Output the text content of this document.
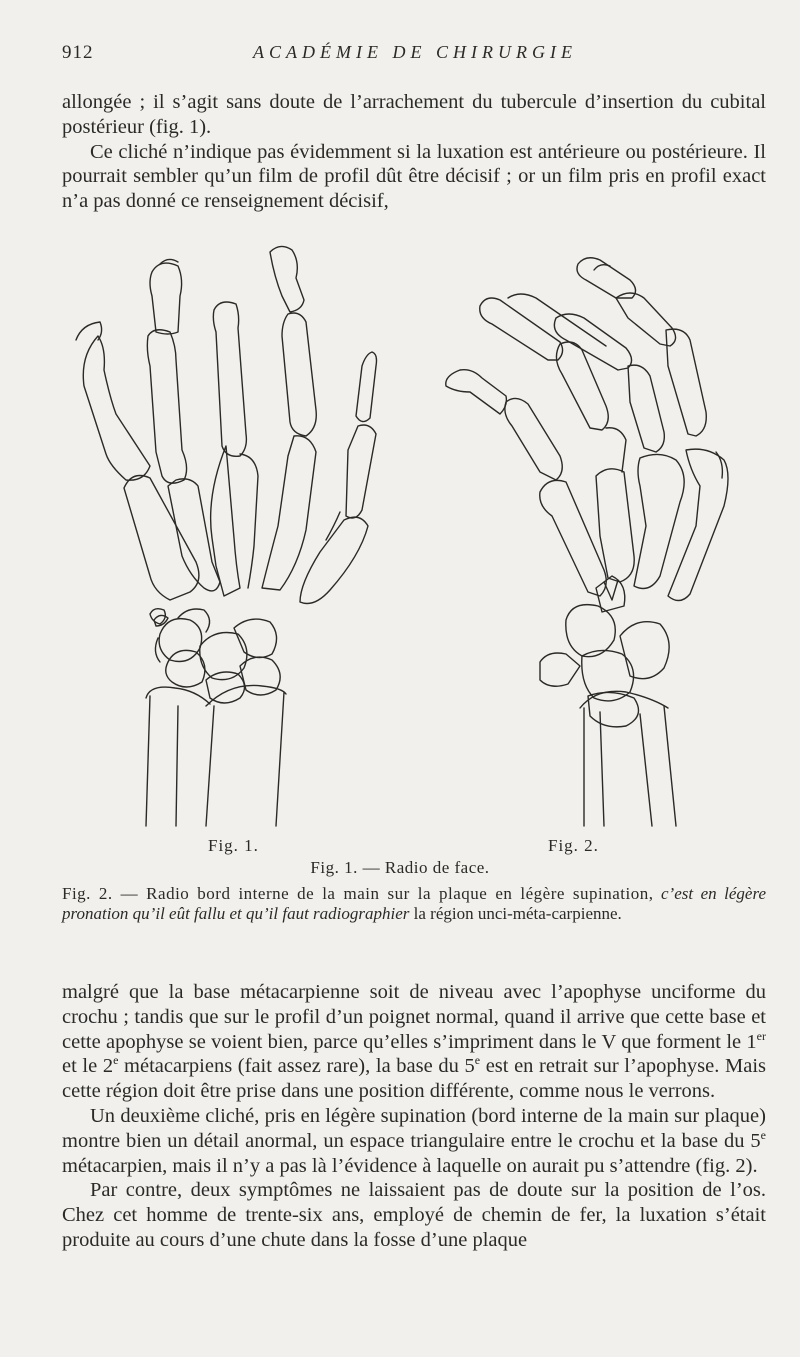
912	ACADÉMIE DE CHIRURGIE

allongée ; il s’agit sans doute de l’arrachement du tubercule d’insertion du cubital postérieur (fig. 1).

Ce cliché n’indique pas évidemment si la luxation est antérieure ou postérieure. Il pourrait sembler qu’un film de profil dût être décisif ; or un film pris en profil exact n’a pas donné ce renseignement décisif,

Fig. 1.	Fig. 2.
Fig. 1. — Radio de face.
Fig. 2. — Radio bord interne de la main sur la plaque en légère supination, c’est en légère pronation qu’il eût fallu et qu’il faut radiographier la région unci-méta-carpienne.

malgré que la base métacarpienne soit de niveau avec l’apophyse unciforme du crochu ; tandis que sur le profil d’un poignet normal, quand il arrive que cette base et cette apophyse se voient bien, parce qu’elles s’impriment dans le V que forment le 1er et le 2e métacarpiens (fait assez rare), la base du 5e est en retrait sur l’apophyse. Mais cette région doit être prise dans une position différente, comme nous le verrons.

Un deuxième cliché, pris en légère supination (bord interne de la main sur plaque) montre bien un détail anormal, un espace triangulaire entre le crochu et la base du 5e métacarpien, mais il n’y a pas là l’évidence à laquelle on aurait pu s’attendre (fig. 2).

Par contre, deux symptômes ne laissaient pas de doute sur la position de l’os. Chez cet homme de trente-six ans, employé de chemin de fer, la luxation s’était produite au cours d’une chute dans la fosse d’une plaque
